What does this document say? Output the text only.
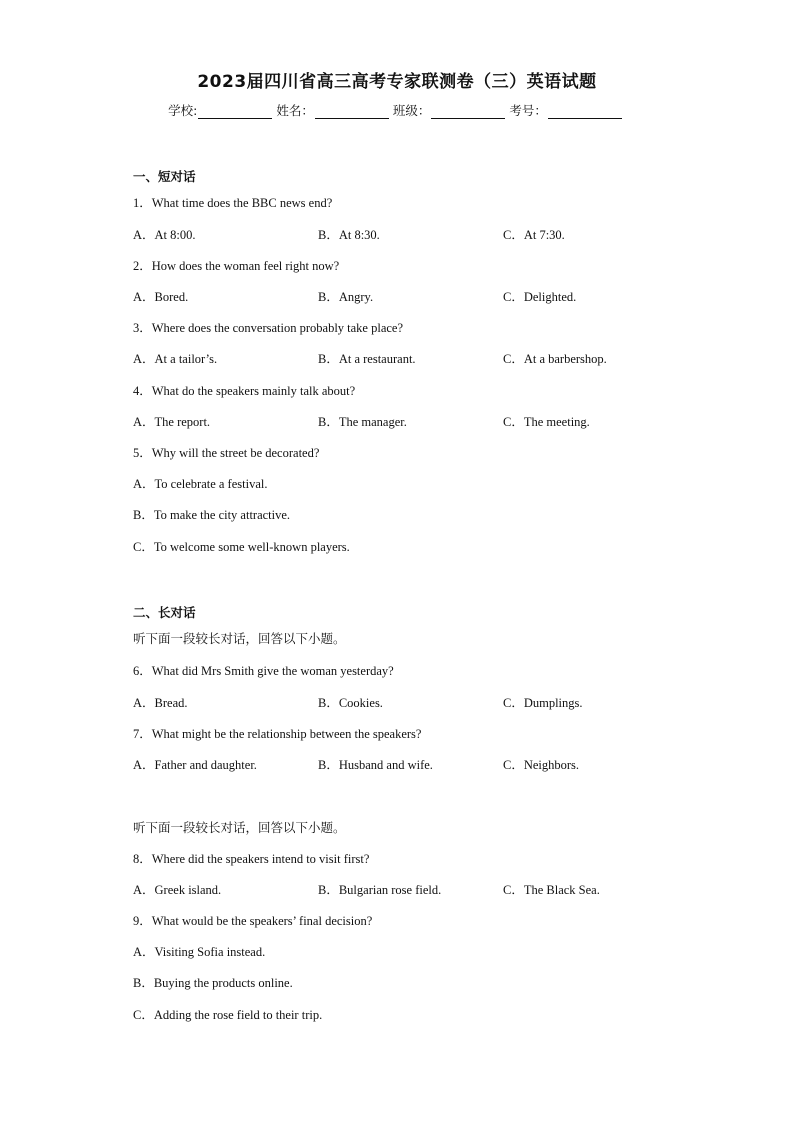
2023届四川省高三高考专家联测卷（三）英语试题
学校:	姓名：	班级：	考号：
一、短对话
1．What time does the BBC news end?
A．At 8:00.	B．At 8:30.	C．At 7:30.
2．How does the woman feel right now?
A．Bored.	B．Angry.	C．Delighted.
3．Where does the conversation probably take place?
A．At a tailor’s.	B．At a restaurant.	C．At a barbershop.
4．What do the speakers mainly talk about?
A．The report.	B．The manager.	C．The meeting.
5．Why will the street be decorated?
A．To celebrate a festival.
B．To make the city attractive.
C．To welcome some well-known players.
二、长对话
听下面一段较长对话，回答以下小题。
6．What did Mrs Smith give the woman yesterday?
A．Bread.	B．Cookies.	C．Dumplings.
7．What might be the relationship between the speakers?
A．Father and daughter.	B．Husband and wife.	C．Neighbors.
听下面一段较长对话，回答以下小题。
8．Where did the speakers intend to visit first?
A．Greek island.	B．Bulgarian rose field.	C．The Black Sea.
9．What would be the speakers’ final decision?
A．Visiting Sofia instead.
B．Buying the products online.
C．Adding the rose field to their trip.
